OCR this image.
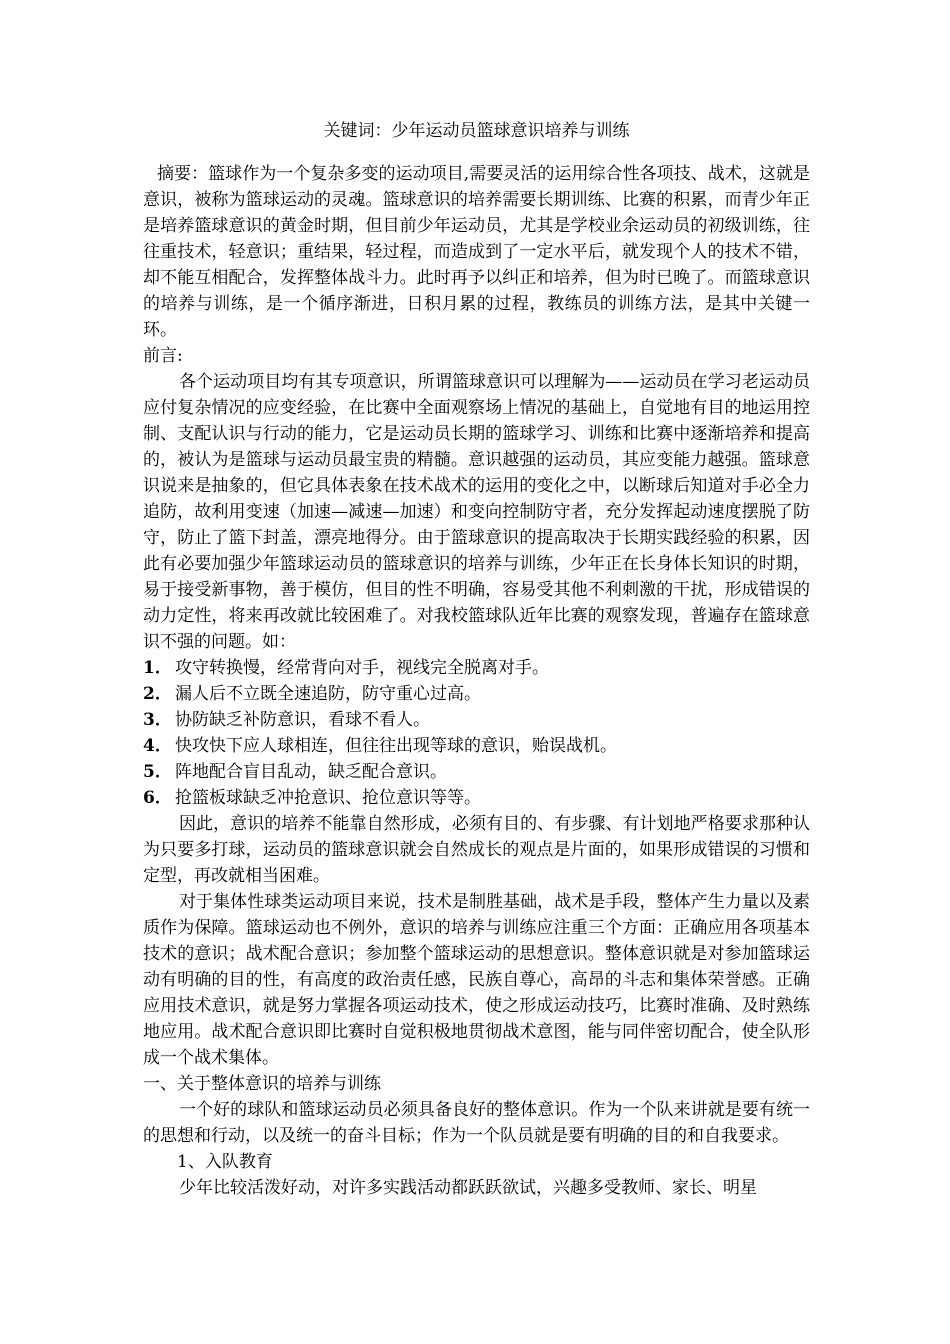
关键词：少年运动员篮球意识培养与训练

摘要：篮球作为一个复杂多变的运动项目,需要灵活的运用综合性各项技、战术，这就是意识，被称为篮球运动的灵魂。篮球意识的培养需要长期训练、比赛的积累，而青少年正是培养篮球意识的黄金时期，但目前少年运动员，尤其是学校业余运动员的初级训练，往往重技术，轻意识；重结果，轻过程，而造成到了一定水平后，就发现个人的技术不错，却不能互相配合，发挥整体战斗力。此时再予以纠正和培养，但为时已晚了。而篮球意识的培养与训练，是一个循序渐进，日积月累的过程，教练员的训练方法，是其中关键一环。

前言:

各个运动项目均有其专项意识，所谓篮球意识可以理解为——运动员在学习老运动员应付复杂情况的应变经验，在比赛中全面观察场上情况的基础上，自觉地有目的地运用控制、支配认识与行动的能力，它是运动员长期的篮球学习、训练和比赛中逐渐培养和提高的，被认为是篮球与运动员最宝贵的精髓。意识越强的运动员，其应变能力越强。篮球意识说来是抽象的，但它具体表象在技术战术的运用的变化之中，以断球后知道对手必全力追防，故利用变速（加速—减速—加速）和变向控制防守者，充分发挥起动速度摆脱了防守，防止了篮下封盖，漂亮地得分。由于篮球意识的提高取决于长期实践经验的积累，因此有必要加强少年篮球运动员的篮球意识的培养与训练，少年正在长身体长知识的时期，易于接受新事物，善于模仿，但目的性不明确，容易受其他不利刺激的干扰，形成错误的动力定性，将来再改就比较困难了。对我校篮球队近年比赛的观察发现，普遍存在篮球意识不强的问题。如：

1． 攻守转换慢，经常背向对手，视线完全脱离对手。

2． 漏人后不立既全速追防，防守重心过高。

3． 协防缺乏补防意识，看球不看人。

4． 快攻快下应人球相连，但往往出现等球的意识，贻误战机。

5． 阵地配合盲目乱动，缺乏配合意识。

6． 抢篮板球缺乏冲抢意识、抢位意识等等。

因此，意识的培养不能靠自然形成，必须有目的、有步骤、有计划地严格要求那种认为只要多打球，运动员的篮球意识就会自然成长的观点是片面的，如果形成错误的习惯和定型，再改就相当困难。

对于集体性球类运动项目来说，技术是制胜基础，战术是手段，整体产生力量以及素质作为保障。篮球运动也不例外，意识的培养与训练应注重三个方面：正确应用各项基本技术的意识；战术配合意识；参加整个篮球运动的思想意识。整体意识就是对参加篮球运动有明确的目的性，有高度的政治责任感，民族自尊心，高昂的斗志和集体荣誉感。正确应用技术意识，就是努力掌握各项运动技术，使之形成运动技巧，比赛时准确、及时熟练地应用。战术配合意识即比赛时自觉积极地贯彻战术意图，能与同伴密切配合，使全队形成一个战术集体。

一、关于整体意识的培养与训练

一个好的球队和篮球运动员必须具备良好的整体意识。作为一个队来讲就是要有统一的思想和行动，以及统一的奋斗目标；作为一个队员就是要有明确的目的和自我要求。

1、入队教育

少年比较活泼好动，对许多实践活动都跃跃欲试，兴趣多受教师、家长、明星
